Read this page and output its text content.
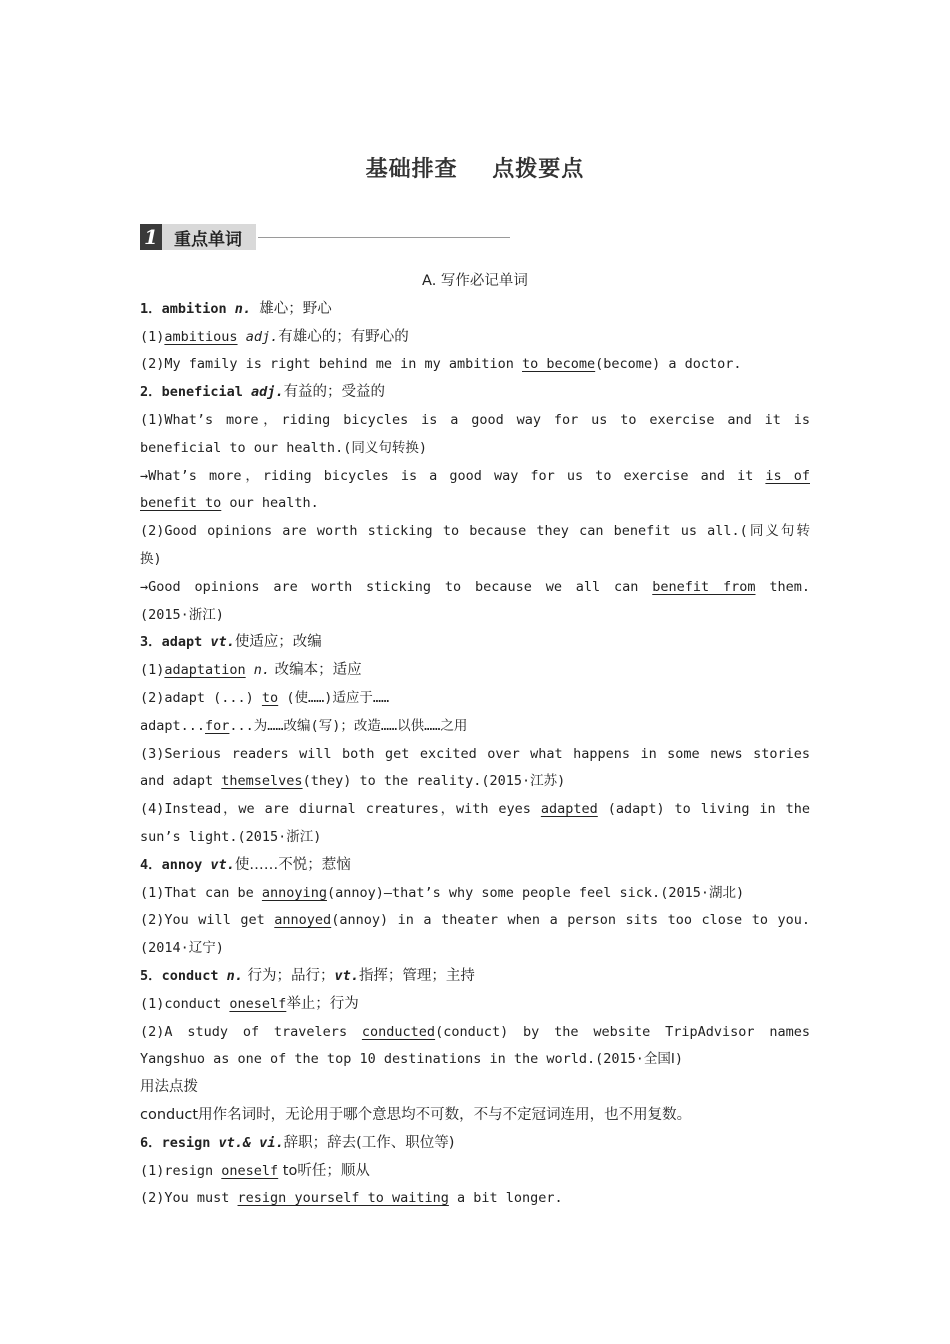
基础排查    点拨要点
1 重点单词
A. 写作必记单词
1．ambition n. 雄心；野心
(1)ambitious adj.有雄心的；有野心的
(2)My family is right behind me in my ambition to become(become) a doctor.
2．beneficial adj.有益的；受益的
(1)What’s more，riding bicycles is a good way for us to exercise and it is
beneficial to our health.(同义句转换)
→What’s more，riding bicycles is a good way for us to exercise and it is of
benefit to our health.
(2)Good opinions are worth sticking to because they can benefit us all.(同义句转
换)
→Good opinions are worth sticking to because we all can benefit from them.
(2015·浙江)
3．adapt vt.使适应；改编
(1)adaptation n. 改编本；适应
(2)adapt (...) to (使……)适应于……
adapt...for...为……改编(写)；改造……以供……之用
(3)Serious readers will both get excited over what happens in some news stories
and adapt themselves(they) to the reality.(2015·江苏)
(4)Instead，we are diurnal creatures，with eyes adapted (adapt) to living in the
sun’s light.(2015·浙江)
4．annoy vt.使……不悦；惹恼
(1)That can be annoying(annoy)—that’s why some people feel sick.(2015·湖北)
(2)You will get annoyed(annoy) in a theater when a person sits too close to you.
(2014·辽宁)
5．conduct n. 行为；品行；vt.指挥；管理；主持
(1)conduct oneself举止；行为
(2)A study of travelers conducted(conduct) by the website TripAdvisor names
Yangshuo as one of the top 10 destinations in the world.(2015·全国Ⅰ)
用法点拨
conduct用作名词时，无论用于哪个意思均不可数，不与不定冠词连用，也不用复数。
6．resign vt.& vi.辞职；辞去(工作、职位等)
(1)resign oneself to听任；顺从
(2)You must resign yourself to waiting a bit longer.
